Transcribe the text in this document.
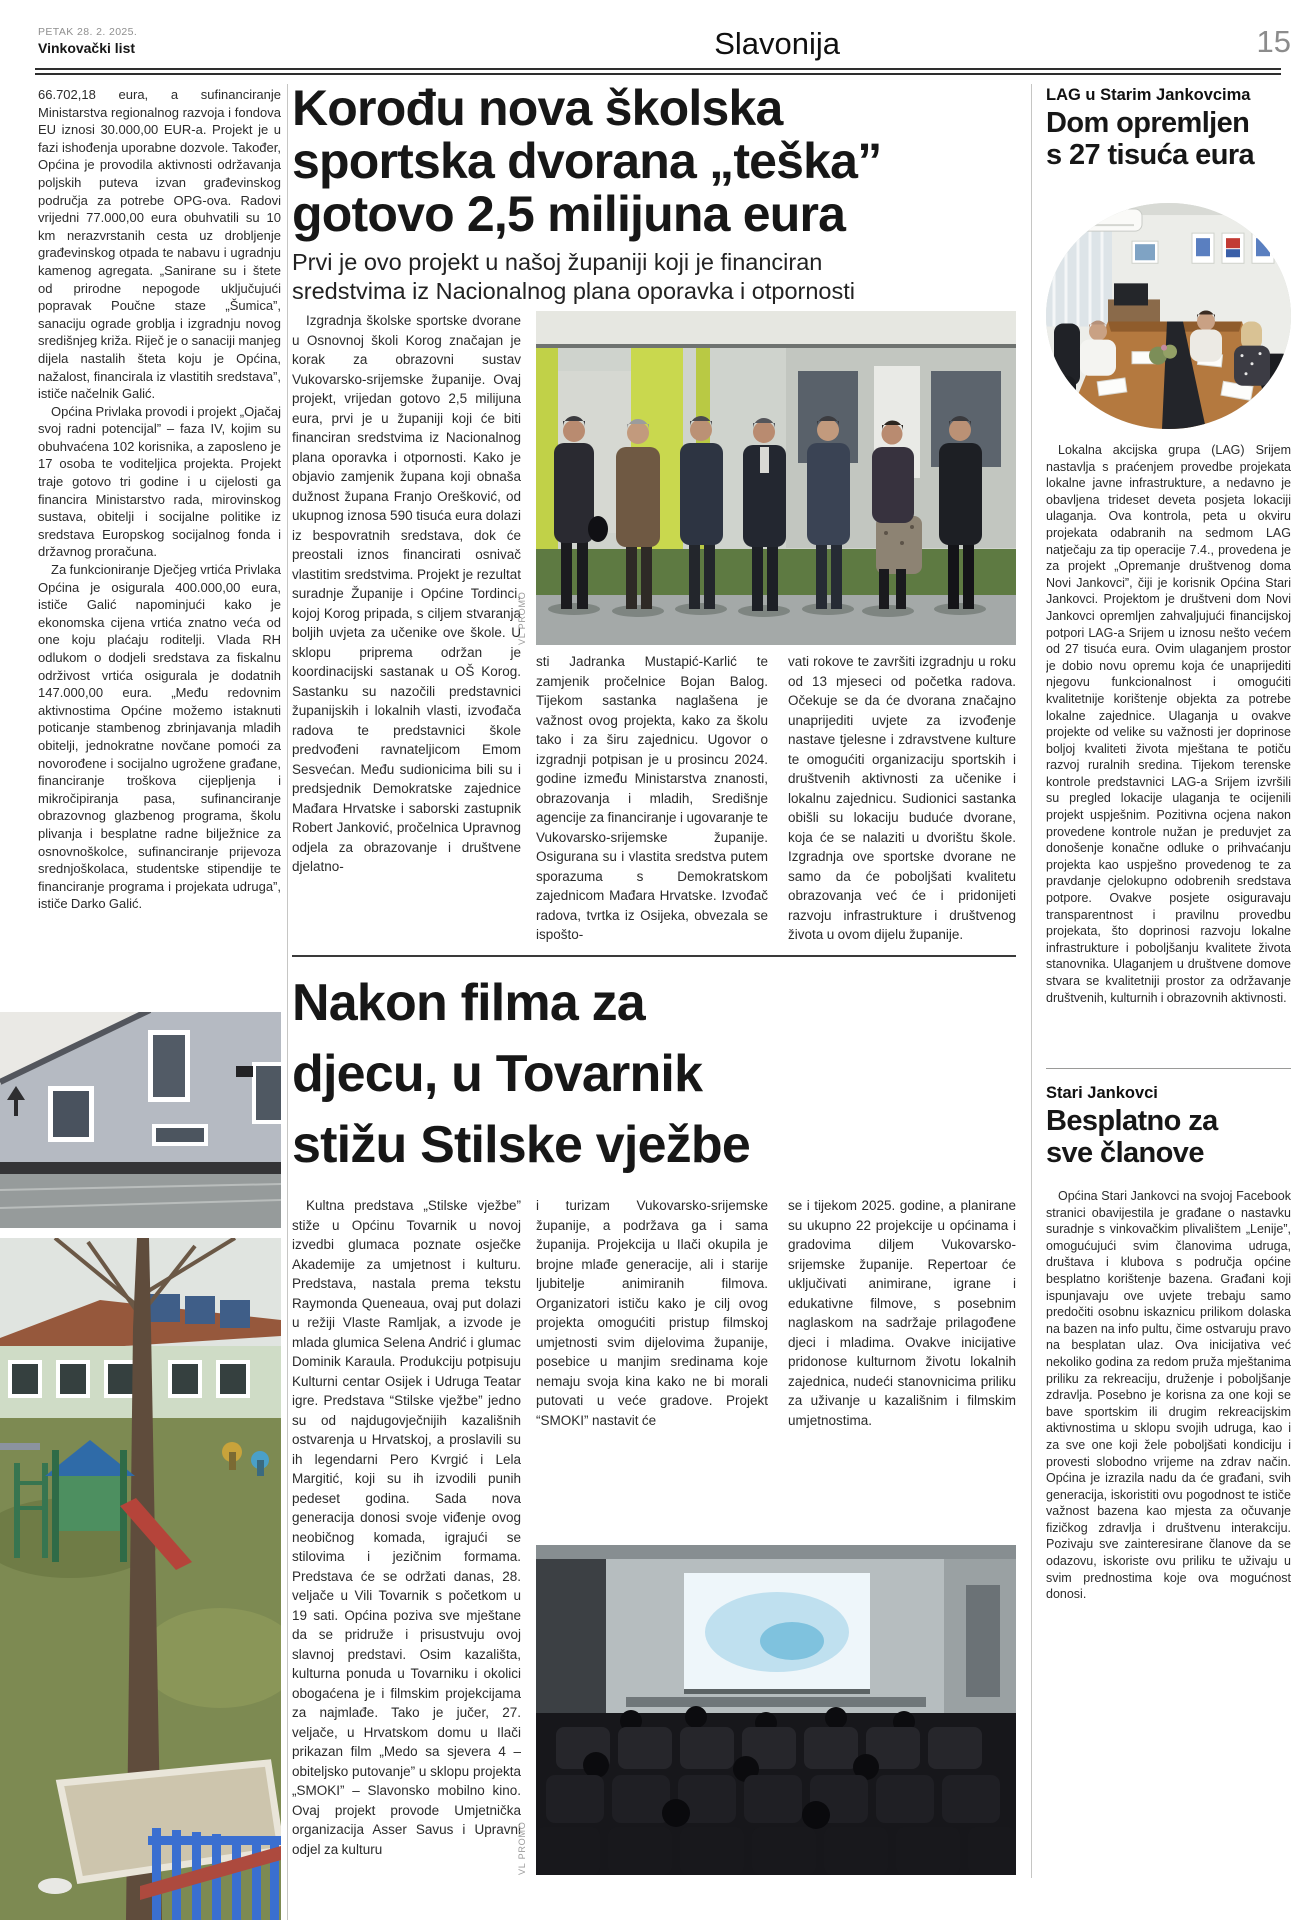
PETAK 28. 2. 2025.
Vinkovački list	Slavonija	15

66.702,18 eura, a sufinanciranje Ministarstva regionalnog razvoja i fondova EU iznosi 30.000,00 EUR-a. Projekt je u fazi ishođenja uporabne dozvole. Također, Općina je provodila aktivnosti održavanja poljskih puteva izvan građevinskog područja za potrebe OPG-ova. Radovi vrijedni 77.000,00 eura obuhvatili su 10 km nerazvrstanih cesta uz drobljenje građevinskog otpada te nabavu i ugradnju kamenog agregata. „Sanirane su i štete od prirodne nepogode uključujući popravak Poučne staze „Šumica”, sanaciju ograde groblja i izgradnju novog središnjeg križa. Riječ je o sanaciji manjeg dijela nastalih šteta koju je Općina, nažalost, financirala iz vlastitih sredstava”, ističe načelnik Galić.

Općina Privlaka provodi i projekt „Ojačaj svoj radni potencijal” – faza IV, kojim su obuhvaćena 102 korisnika, a zaposleno je 17 osoba te voditeljica projekta. Projekt traje gotovo tri godine i u cijelosti ga financira Ministarstvo rada, mirovinskog sustava, obitelji i socijalne politike iz sredstava Europskog socijalnog fonda i državnog proračuna.

Za funkcioniranje Dječjeg vrtića Privlaka Općina je osigurala 400.000,00 eura, ističe Galić napominjući kako je ekonomska cijena vrtića znatno veća od one koju plaćaju roditelji. Vlada RH odlukom o dodjeli sredstava za fiskalnu održivost vrtića osigurala je dodatnih 147.000,00 eura. „Među redovnim aktivnostima Općine možemo istaknuti poticanje stambenog zbrinjavanja mladih obitelji, jednokratne novčane pomoći za novorođene i socijalno ugrožene građane, financiranje troškova cijepljenja i mikročipiranja pasa, sufinanciranje obrazovnog glazbenog programa, školu plivanja i besplatne radne bilježnice za osnovnoškolce, sufinanciranje prijevoza srednjoškolaca, studentske stipendije te financiranje programa i projekata udruga”, ističe Darko Galić.

Korođu nova školska
sportska dvorana „teška”
gotovo 2,5 milijuna eura
Prvi je ovo projekt u našoj županiji koji je financiran
sredstvima iz Nacionalnog plana oporavka i otpornosti

Izgradnja školske sportske dvorane u Osnovnoj školi Korog značajan je korak za obrazovni sustav Vukovarsko-srijemske županije. Ovaj projekt, vrijedan gotovo 2,5 milijuna eura, prvi je u županiji koji će biti financiran sredstvima iz Nacionalnog plana oporavka i otpornosti. Kako je objavio zamjenik župana koji obnaša dužnost župana Franjo Orešković, od ukupnog iznosa 590 tisuća eura dolazi iz bespovratnih sredstava, dok će preostali iznos financirati osnivač vlastitim sredstvima. Projekt je rezultat suradnje Županije i Općine Tordinci, kojoj Korog pripada, s ciljem stvaranja boljih uvjeta za učenike ove škole. U sklopu priprema održan je koordinacijski sastanak u OŠ Korog. Sastanku su nazočili predstavnici županijskih i lokalnih vlasti, izvođača radova te predstavnici škole predvođeni ravnateljicom Emom Sesvećan. Među sudionicima bili su i predsjednik Demokratske zajednice Mađara Hrvatske i saborski zastupnik Robert Janković, pročelnica Upravnog odjela za obrazovanje i društvene djelatno-

VL PROMO

sti Jadranka Mustapić-Karlić te zamjenik pročelnice Bojan Balog. Tijekom sastanka naglašena je važnost ovog projekta, kako za školu tako i za širu zajednicu. Ugovor o izgradnji potpisan je u prosincu 2024. godine između Ministarstva znanosti, obrazovanja i mladih, Središnje agencije za financiranje i ugovaranje te Vukovarsko-srijemske županije. Osigurana su i vlastita sredstva putem sporazuma s Demokratskom zajednicom Mađara Hrvatske. Izvođač radova, tvrtka iz Osijeka, obvezala se ispošto-

vati rokove te završiti izgradnju u roku od 13 mjeseci od početka radova. Očekuje se da će dvorana značajno unaprijediti uvjete za izvođenje nastave tjelesne i zdravstvene kulture te omogućiti organizaciju sportskih i društvenih aktivnosti za učenike i lokalnu zajednicu. Sudionici sastanka obišli su lokaciju buduće dvorane, koja će se nalaziti u dvorištu škole. Izgradnja ove sportske dvorane ne samo da će poboljšati kvalitetu obrazovanja već će i pridonijeti razvoju infrastrukture i društvenog života u ovom dijelu županije.

Nakon filma za
djecu, u Tovarnik
stižu Stilske vježbe

Kultna predstava „Stilske vježbe” stiže u Općinu Tovarnik u novoj izvedbi glumaca poznate osječke Akademije za umjetnost i kulturu. Predstava, nastala prema tekstu Raymonda Queneaua, ovaj put dolazi u režiji Vlaste Ramljak, a izvode je mlada glumica Selena Andrić i glumac Dominik Karaula. Produkciju potpisuju Kulturni centar Osijek i Udruga Teatar igre. Predstava “Stilske vježbe” jedno su od najdugovječnijih kazališnih ostvarenja u Hrvatskoj, a proslavili su ih legendarni Pero Kvrgić i Lela Margitić, koji su ih izvodili punih pedeset godina. Sada nova generacija donosi svoje viđenje ovog neobičnog komada, igrajući se stilovima i jezičnim formama. Predstava će se održati danas, 28. veljače u Vili Tovarnik s početkom u 19 sati. Općina poziva sve mještane da se pridruže i prisustvuju ovoj slavnoj predstavi. Osim kazališta, kulturna ponuda u Tovarniku i okolici obogaćena je i filmskim projekcijama za najmlađe. Tako je jučer, 27. veljače, u Hrvatskom domu u Ilači prikazan film „Medo sa sjevera 4 – obiteljsko putovanje” u sklopu projekta „SMOKI” – Slavonsko mobilno kino. Ovaj projekt provode Umjetnička organizacija Asser Savus i Upravni odjel za kulturu

i turizam Vukovarsko-srijemske županije, a podržava ga i sama županija. Projekcija u Ilači okupila je brojne mlađe generacije, ali i starije ljubitelje animiranih filmova. Organizatori ističu kako je cilj ovog projekta omogućiti pristup filmskoj umjetnosti svim dijelovima županije, posebice u manjim sredinama koje nemaju svoja kina kako ne bi morali putovati u veće gradove. Projekt “SMOKI” nastavit će

se i tijekom 2025. godine, a planirane su ukupno 22 projekcije u općinama i gradovima diljem Vukovarsko-srijemske županije. Repertoar će uključivati animirane, igrane i edukativne filmove, s posebnim naglaskom na sadržaje prilagođene djeci i mladima. Ovakve inicijative pridonose kulturnom životu lokalnih zajednica, nudeći stanovnicima priliku za uživanje u kazališnim i filmskim umjetnostima.

VL PROMO
LAG u Starim Jankovcima
Dom opremljen
s 27 tisuća eura

Lokalna akcijska grupa (LAG) Srijem nastavlja s praćenjem provedbe projekata lokalne javne infrastrukture, a nedavno je obavljena trideset deveta posjeta lokaciji ulaganja. Ova kontrola, peta u okviru projekata odabranih na sedmom LAG natječaju za tip operacije 7.4., provedena je za projekt „Opremanje društvenog doma Novi Jankovci”, čiji je korisnik Općina Stari Jankovci. Projektom je društveni dom Novi Jankovci opremljen zahvaljujući financijskoj potpori LAG-a Srijem u iznosu nešto većem od 27 tisuća eura. Ovim ulaganjem prostor je dobio novu opremu koja će unaprijediti njegovu funkcionalnost i omogućiti kvalitetnije korištenje objekta za potrebe lokalne zajednice. Ulaganja u ovakve projekte od velike su važnosti jer doprinose boljoj kvaliteti života mještana te potiču razvoj ruralnih sredina. Tijekom terenske kontrole predstavnici LAG-a Srijem izvršili su pregled lokacije ulaganja te ocijenili projekt uspješnim. Pozitivna ocjena nakon provedene kontrole nužan je preduvjet za donošenje konačne odluke o prihvaćanju projekta kao uspješno provedenog te za pravdanje cjelokupno odobrenih sredstava potpore. Ovakve posjete osiguravaju transparentnost i pravilnu provedbu projekata, što doprinosi razvoju lokalne infrastrukture i poboljšanju kvalitete života stanovnika. Ulaganjem u društvene domove stvara se kvalitetniji prostor za održavanje društvenih, kulturnih i obrazovnih aktivnosti.

Stari Jankovci
Besplatno za
sve članove

Općina Stari Jankovci na svojoj Facebook stranici obavijestila je građane o nastavku suradnje s vinkovačkim plivalištem „Lenije”, omogućujući svim članovima udruga, društava i klubova s područja općine besplatno korištenje bazena. Građani koji ispunjavaju ove uvjete trebaju samo predočiti osobnu iskaznicu prilikom dolaska na bazen na info pultu, čime ostvaruju pravo na besplatan ulaz. Ova inicijativa već nekoliko godina za redom pruža mještanima priliku za rekreaciju, druženje i poboljšanje zdravlja. Posebno je korisna za one koji se bave sportskim ili drugim rekreacijskim aktivnostima u sklopu svojih udruga, kao i za sve one koji žele poboljšati kondiciju i provesti slobodno vrijeme na zdrav način. Općina je izrazila nadu da će građani, svih generacija, iskoristiti ovu pogodnost te ističe važnost bazena kao mjesta za očuvanje fizičkog zdravlja i društvenu interakciju. Pozivaju sve zainteresirane članove da se odazovu, iskoriste ovu priliku te uživaju u svim prednostima koje ova mogućnost donosi.
